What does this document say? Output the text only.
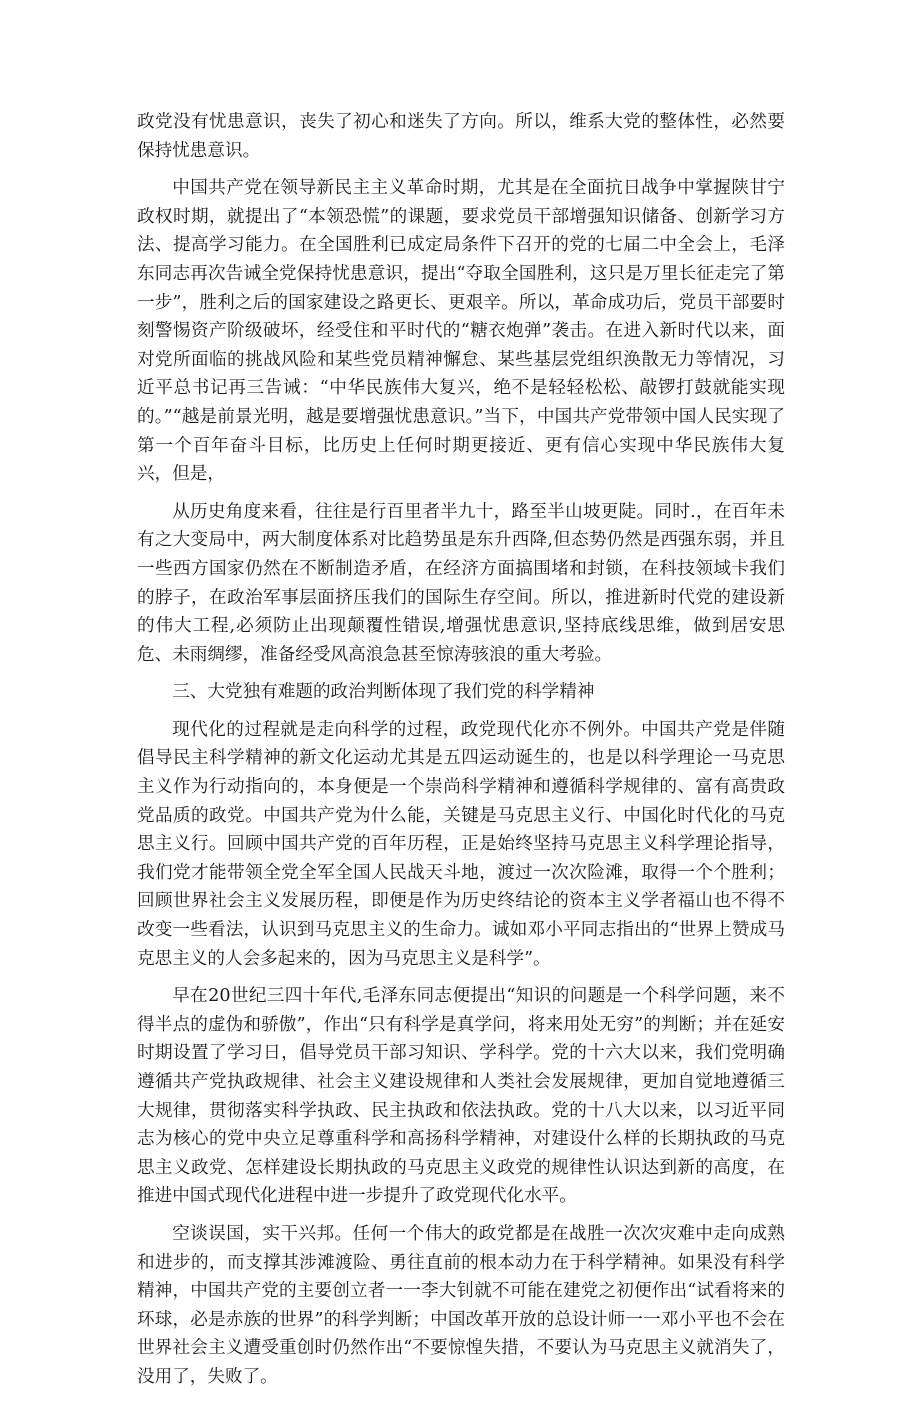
政党没有忧患意识，丧失了初心和迷失了方向。所以，维系大党的整体性，必然要保持忧患意识。

中国共产党在领导新民主主义革命时期，尤其是在全面抗日战争中掌握陕甘宁政权时期，就提出了“本领恐慌”的课题，要求党员干部增强知识储备、创新学习方法、提高学习能力。在全国胜利已成定局条件下召开的党的七届二中全会上，毛泽东同志再次告诫全党保持忧患意识，提出“夺取全国胜利，这只是万里长征走完了第一步”，胜利之后的国家建设之路更长、更艰辛。所以，革命成功后，党员干部要时刻警惕资产阶级破坏，经受住和平时代的“糖衣炮弹”袭击。在进入新时代以来，面对党所面临的挑战风险和某些党员精神懈怠、某些基层党组织涣散无力等情况，习近平总书记再三告诫：“中华民族伟大复兴，绝不是轻轻松松、敲锣打鼓就能实现的。”“越是前景光明，越是要增强忧患意识。”当下，中国共产党带领中国人民实现了第一个百年奋斗目标，比历史上任何时期更接近、更有信心实现中华民族伟大复兴，但是，

从历史角度来看，往往是行百里者半九十，路至半山坡更陡。同时.，在百年未有之大变局中，两大制度体系对比趋势虽是东升西降,但态势仍然是西强东弱，并且一些西方国家仍然在不断制造矛盾，在经济方面搞围堵和封锁，在科技领域卡我们的脖子，在政治军事层面挤压我们的国际生存空间。所以，推进新时代党的建设新的伟大工程,必须防止出现颠覆性错误,增强忧患意识,坚持底线思维，做到居安思危、未雨绸缪，准备经受风高浪急甚至惊涛骇浪的重大考验。

三、大党独有难题的政治判断体现了我们党的科学精神

现代化的过程就是走向科学的过程，政党现代化亦不例外。中国共产党是伴随倡导民主科学精神的新文化运动尤其是五四运动诞生的，也是以科学理论一马克思主义作为行动指向的，本身便是一个崇尚科学精神和遵循科学规律的、富有高贵政党品质的政党。中国共产党为什么能，关键是马克思主义行、中国化时代化的马克思主义行。回顾中国共产党的百年历程，正是始终坚持马克思主义科学理论指导，我们党才能带领全党全军全国人民战天斗地，渡过一次次险滩，取得一个个胜利；回顾世界社会主义发展历程，即便是作为历史终结论的资本主义学者福山也不得不改变一些看法，认识到马克思主义的生命力。诚如邓小平同志指出的“世界上赞成马克思主义的人会多起来的，因为马克思主义是科学”。

早在20世纪三四十年代,毛泽东同志便提出“知识的问题是一个科学问题，来不得半点的虚伪和骄傲”，作出“只有科学是真学问，将来用处无穷”的判断；并在延安时期设置了学习日，倡导党员干部习知识、学科学。党的十六大以来，我们党明确遵循共产党执政规律、社会主义建设规律和人类社会发展规律，更加自觉地遵循三大规律，贯彻落实科学执政、民主执政和依法执政。党的十八大以来，以习近平同志为核心的党中央立足尊重科学和高扬科学精神，对建设什么样的长期执政的马克思主义政党、怎样建设长期执政的马克思主义政党的规律性认识达到新的高度，在推进中国式现代化进程中进一步提升了政党现代化水平。

空谈误国，实干兴邦。任何一个伟大的政党都是在战胜一次次灾难中走向成熟和进步的，而支撑其涉滩渡险、勇往直前的根本动力在于科学精神。如果没有科学精神，中国共产党的主要创立者一一李大钊就不可能在建党之初便作出“试看将来的环球，必是赤族的世界”的科学判断；中国改革开放的总设计师一一邓小平也不会在世界社会主义遭受重创时仍然作出“不要惊惶失措，不要认为马克思主义就消失了，没用了，失败了。
